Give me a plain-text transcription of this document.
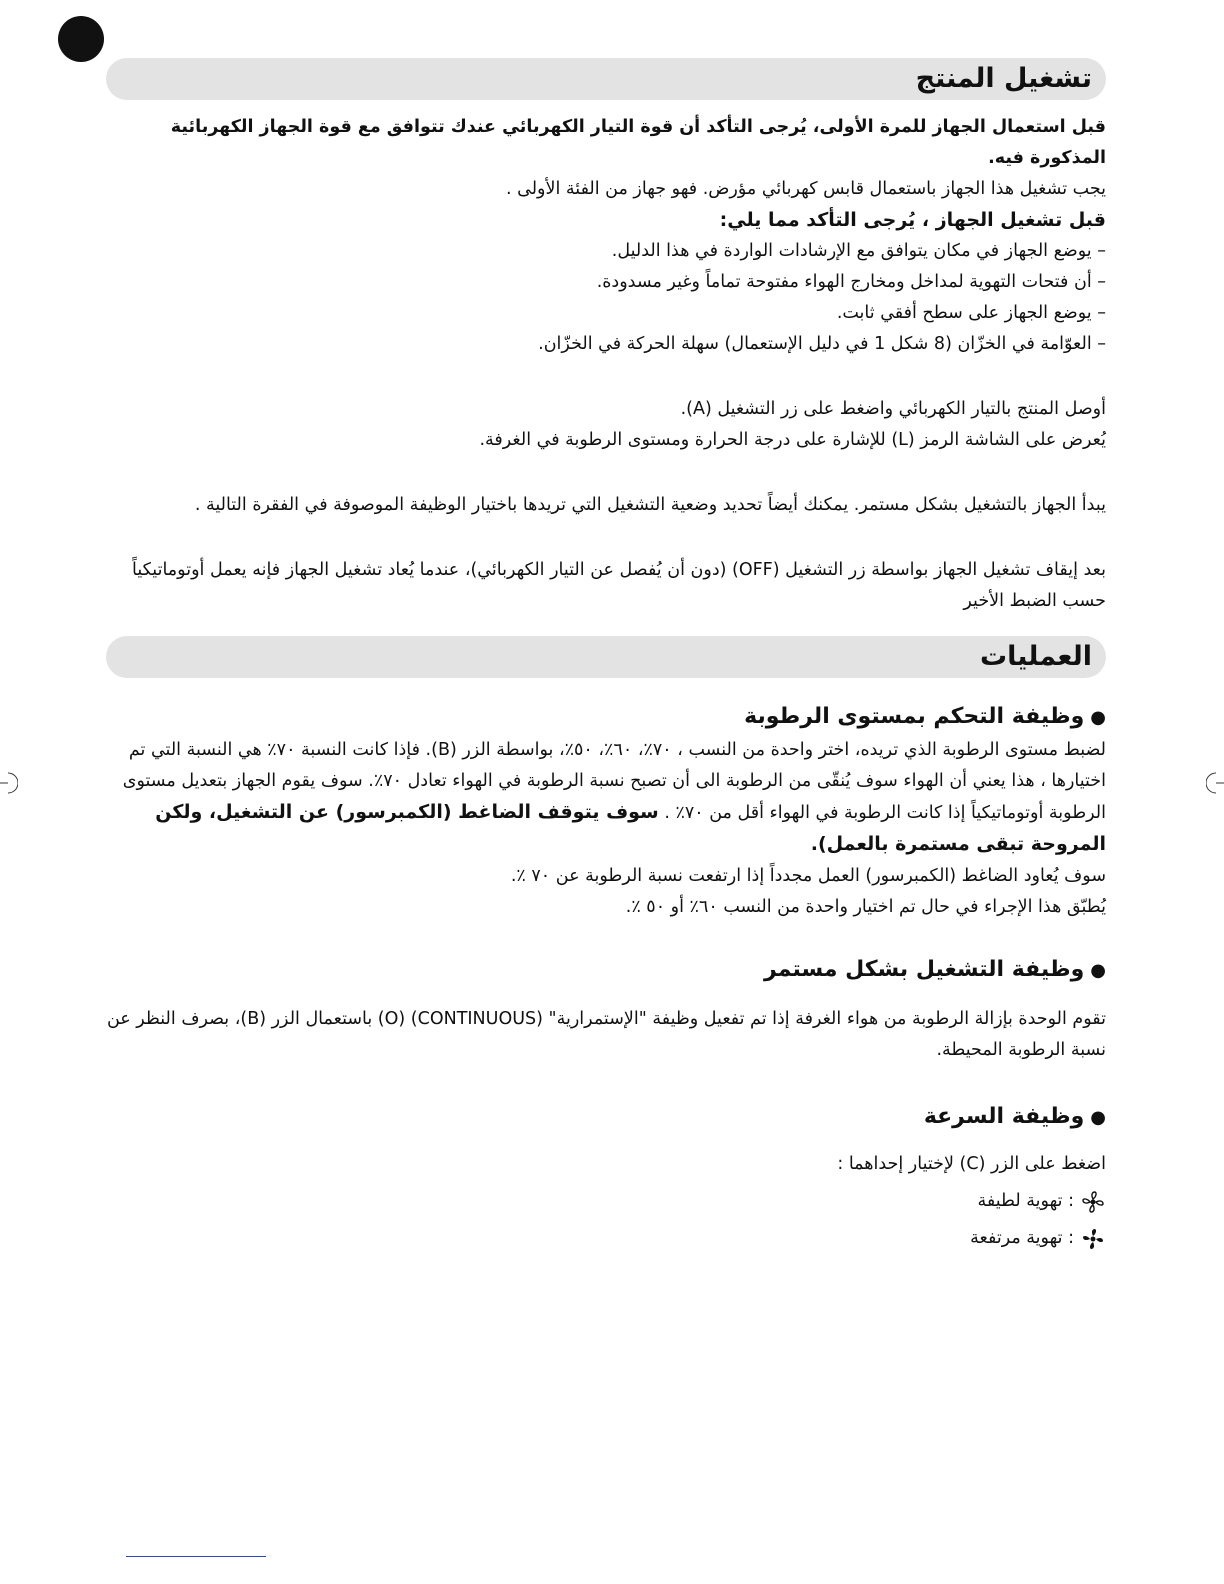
تشغيل المنتج

قبل استعمال الجهاز للمرة الأولى، يُرجى التأكد أن قوة التيار الكهربائي عندك تتوافق مع قوة الجهاز الكهربائية المذكورة فيه.

يجب تشغيل هذا الجهاز باستعمال قابس كهربائي مؤرض. فهو جهاز من الفئة الأولى .

قبل تشغيل الجهاز ، يُرجى التأكد مما يلي:

– يوضع الجهاز في مكان يتوافق مع الإرشادات الواردة في هذا الدليل.

– أن فتحات التهوية لمداخل ومخارج الهواء مفتوحة تماماً وغير مسدودة.

– يوضع الجهاز على سطح أفقي ثابت.

– العوّامة في الخزّان (8 شكل 1 في دليل الإستعمال) سهلة الحركة في الخزّان.

أوصل المنتج بالتيار الكهربائي واضغط على زر التشغيل (A).

يُعرض على الشاشة الرمز (L) للإشارة على درجة الحرارة ومستوى الرطوبة في الغرفة.

يبدأ الجهاز بالتشغيل بشكل مستمر. يمكنك أيضاً تحديد وضعية التشغيل التي تريدها باختيار الوظيفة الموصوفة في الفقرة التالية .

بعد إيقاف تشغيل الجهاز بواسطة زر التشغيل (OFF) (دون أن يُفصل عن التيار الكهربائي)، عندما يُعاد تشغيل الجهاز فإنه يعمل أوتوماتيكياً حسب الضبط الأخير

العمليات

●وظيفة التحكم بمستوى الرطوبة

لضبط مستوى الرطوبة الذي تريده، اختر واحدة من النسب ، ٧٠٪، ٦٠٪، ٥٠٪، بواسطة الزر (B). فإذا كانت النسبة ٧٠٪ هي النسبة التي تم اختيارها ، هذا يعني أن الهواء سوف يُنقّى من الرطوبة الى أن تصبح نسبة الرطوبة في الهواء تعادل ٧٠٪. سوف يقوم الجهاز بتعديل مستوى الرطوبة أوتوماتيكياً إذا كانت الرطوبة في الهواء أقل من ٧٠٪ . سوف يتوقف الضاغط (الكمبرسور) عن التشغيل، ولكن المروحة تبقى مستمرة بالعمل).

سوف يُعاود الضاغط (الكمبرسور) العمل مجدداً إذا ارتفعت نسبة الرطوبة عن ٧٠ ٪.

يُطبّق هذا الإجراء في حال تم اختيار واحدة من النسب ٦٠٪ أو ٥٠ ٪.

●وظيفة التشغيل بشكل مستمر

تقوم الوحدة بإزالة الرطوبة من هواء الغرفة إذا تم تفعيل وظيفة "الإستمرارية" (CONTINUOUS) (O) باستعمال الزر (B)، بصرف النظر عن نسبة الرطوبة المحيطة.

●وظيفة السرعة

اضغط على الزر (C) لإختيار إحداهما :

: تهوية لطيفة
: تهوية مرتفعة
